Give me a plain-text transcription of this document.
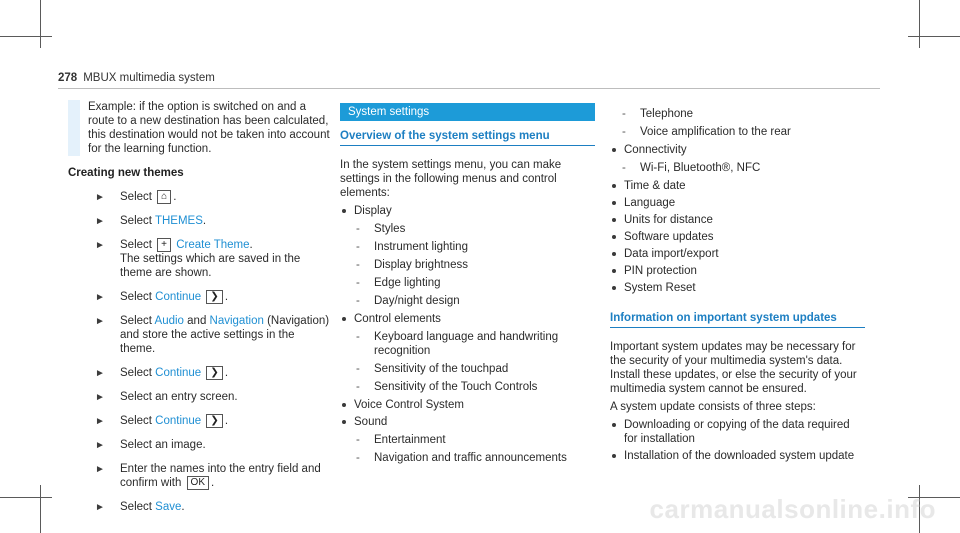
278 MBUX multimedia system
Example: if the option is switched on and a route to a new destination has been calculated, this destination would not be taken into account for the learning function.
Creating new themes
► Select ⌂ .
► Select THEMES.
► Select + Create Theme.
The settings which are saved in the theme are shown.
► Select Continue ❯ .
► Select Audio and Navigation (Navigation) and store the active settings in the theme.
► Select Continue ❯ .
► Select an entry screen.
► Select Continue ❯ .
► Select an image.
► Enter the names into the entry field and confirm with OK .
► Select Save.
System settings
Overview of the system settings menu
In the system settings menu, you can make settings in the following menus and control elements:
Display
- Styles
- Instrument lighting
- Display brightness
- Edge lighting
- Day/night design
Control elements
- Keyboard language and handwriting recognition
- Sensitivity of the touchpad
- Sensitivity of the Touch Controls
Voice Control System
Sound
- Entertainment
- Navigation and traffic announcements
- Telephone
- Voice amplification to the rear
Connectivity
- Wi-Fi, Bluetooth®, NFC
Time & date
Language
Units for distance
Software updates
Data import/export
PIN protection
System Reset
Information on important system updates
Important system updates may be necessary for the security of your multimedia system's data. Install these updates, or else the security of your multimedia system cannot be ensured.
A system update consists of three steps:
Downloading or copying of the data required for installation
Installation of the downloaded system update
carmanualsonline.info
